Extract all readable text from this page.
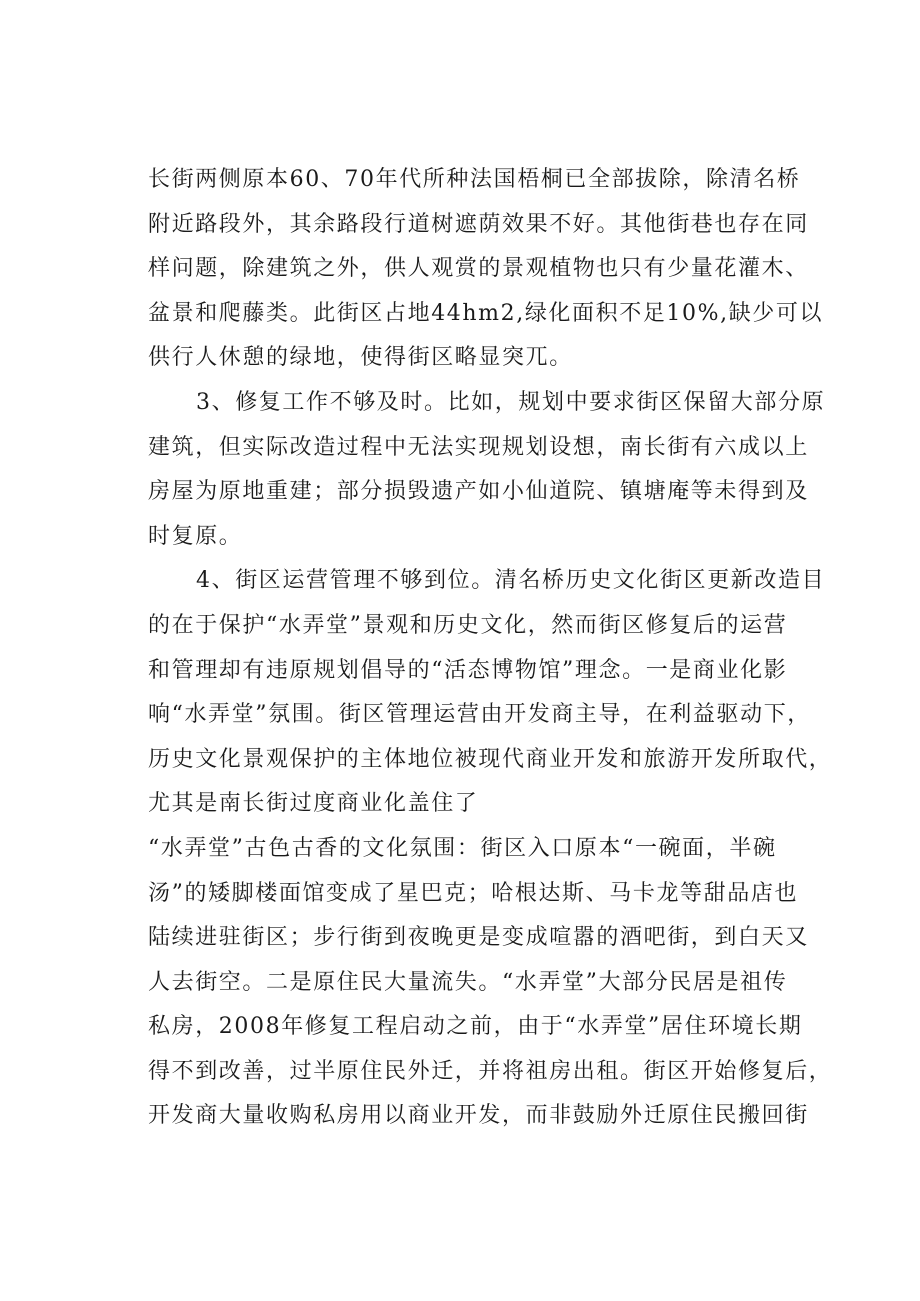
长街两侧原本60、70年代所种法国梧桐已全部拔除，除清名桥
附近路段外，其余路段行道树遮荫效果不好。其他街巷也存在同
样问题，除建筑之外，供人观赏的景观植物也只有少量花灌木、
盆景和爬藤类。此街区占地44hm2,绿化面积不足10%,缺少可以
供行人休憩的绿地，使得街区略显突兀。
3、修复工作不够及时。比如，规划中要求街区保留大部分原
建筑，但实际改造过程中无法实现规划设想，南长街有六成以上
房屋为原地重建；部分损毁遗产如小仙道院、镇塘庵等未得到及
时复原。
4、街区运营管理不够到位。清名桥历史文化街区更新改造目
的在于保护“水弄堂”景观和历史文化，然而街区修复后的运营
和管理却有违原规划倡导的“活态博物馆”理念。一是商业化影
响“水弄堂”氛围。街区管理运营由开发商主导，在利益驱动下，
历史文化景观保护的主体地位被现代商业开发和旅游开发所取代，
尤其是南长街过度商业化盖住了
“水弄堂”古色古香的文化氛围：街区入口原本“一碗面，半碗
汤”的矮脚楼面馆变成了星巴克；哈根达斯、马卡龙等甜品店也
陆续进驻街区；步行街到夜晚更是变成喧嚣的酒吧街，到白天又
人去街空。二是原住民大量流失。“水弄堂”大部分民居是祖传
私房，2008年修复工程启动之前，由于“水弄堂”居住环境长期
得不到改善，过半原住民外迁，并将祖房出租。街区开始修复后，
开发商大量收购私房用以商业开发，而非鼓励外迁原住民搬回街
